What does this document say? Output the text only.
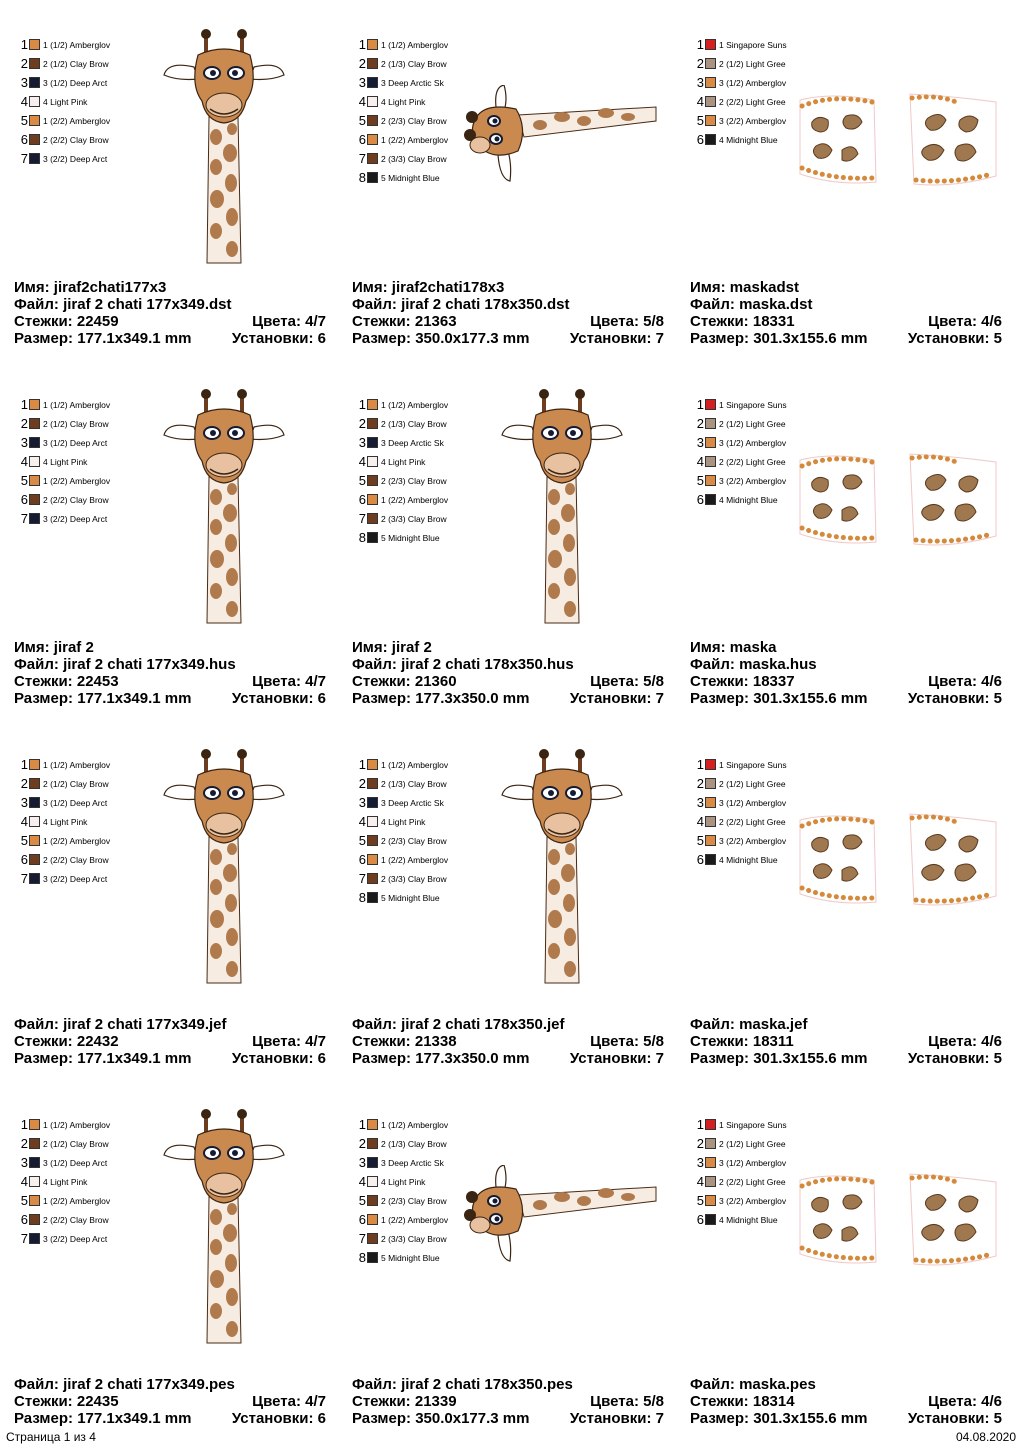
1 1 (1/2) Amberglov
2 2 (1/2) Clay Brow
3 3 (1/2) Deep Arct
4 4 Light Pink
5 1 (2/2) Amberglov
6 2 (2/2) Clay Brow
7 3 (2/2) Deep Arct
Имя: jiraf2chati177x3
Файл: jiraf 2 chati 177x349.dst
Стежки: 22459	Цвета: 4/7
Размер: 177.1x349.1 mm	Установки: 6
1 1 (1/2) Amberglov
2 2 (1/3) Clay Brow
3 3 Deep Arctic Sk
4 4 Light Pink
5 2 (2/3) Clay Brow
6 1 (2/2) Amberglov
7 2 (3/3) Clay Brow
8 5 Midnight Blue
Имя: jiraf2chati178x3
Файл: jiraf 2 chati 178x350.dst
Стежки: 21363	Цвета: 5/8
Размер: 350.0x177.3 mm	Установки: 7
1 1 Singapore Suns
2 2 (1/2) Light Gree
3 3 (1/2) Amberglov
4 2 (2/2) Light Gree
5 3 (2/2) Amberglov
6 4 Midnight Blue
Имя: maskadst
Файл: maska.dst
Стежки: 18331	Цвета: 4/6
Размер: 301.3x155.6 mm	Установки: 5
1 1 (1/2) Amberglov
2 2 (1/2) Clay Brow
3 3 (1/2) Deep Arct
4 4 Light Pink
5 1 (2/2) Amberglov
6 2 (2/2) Clay Brow
7 3 (2/2) Deep Arct
Имя: jiraf 2
Файл: jiraf 2 chati 177x349.hus
Стежки: 22453	Цвета: 4/7
Размер: 177.1x349.1 mm	Установки: 6
1 1 (1/2) Amberglov
2 2 (1/3) Clay Brow
3 3 Deep Arctic Sk
4 4 Light Pink
5 2 (2/3) Clay Brow
6 1 (2/2) Amberglov
7 2 (3/3) Clay Brow
8 5 Midnight Blue
Имя: jiraf 2
Файл: jiraf 2 chati 178x350.hus
Стежки: 21360	Цвета: 5/8
Размер: 177.3x350.0 mm	Установки: 7
1 1 Singapore Suns
2 2 (1/2) Light Gree
3 3 (1/2) Amberglov
4 2 (2/2) Light Gree
5 3 (2/2) Amberglov
6 4 Midnight Blue
Имя: maska
Файл: maska.hus
Стежки: 18337	Цвета: 4/6
Размер: 301.3x155.6 mm	Установки: 5
1 1 (1/2) Amberglov
2 2 (1/2) Clay Brow
3 3 (1/2) Deep Arct
4 4 Light Pink
5 1 (2/2) Amberglov
6 2 (2/2) Clay Brow
7 3 (2/2) Deep Arct
Файл: jiraf 2 chati 177x349.jef
Стежки: 22432	Цвета: 4/7
Размер: 177.1x349.1 mm	Установки: 6
1 1 (1/2) Amberglov
2 2 (1/3) Clay Brow
3 3 Deep Arctic Sk
4 4 Light Pink
5 2 (2/3) Clay Brow
6 1 (2/2) Amberglov
7 2 (3/3) Clay Brow
8 5 Midnight Blue
Файл: jiraf 2 chati 178x350.jef
Стежки: 21338	Цвета: 5/8
Размер: 177.3x350.0 mm	Установки: 7
1 1 Singapore Suns
2 2 (1/2) Light Gree
3 3 (1/2) Amberglov
4 2 (2/2) Light Gree
5 3 (2/2) Amberglov
6 4 Midnight Blue
Файл: maska.jef
Стежки: 18311	Цвета: 4/6
Размер: 301.3x155.6 mm	Установки: 5
1 1 (1/2) Amberglov
2 2 (1/2) Clay Brow
3 3 (1/2) Deep Arct
4 4 Light Pink
5 1 (2/2) Amberglov
6 2 (2/2) Clay Brow
7 3 (2/2) Deep Arct
Файл: jiraf 2 chati 177x349.pes
Стежки: 22435	Цвета: 4/7
Размер: 177.1x349.1 mm	Установки: 6
1 1 (1/2) Amberglov
2 2 (1/3) Clay Brow
3 3 Deep Arctic Sk
4 4 Light Pink
5 2 (2/3) Clay Brow
6 1 (2/2) Amberglov
7 2 (3/3) Clay Brow
8 5 Midnight Blue
Файл: jiraf 2 chati 178x350.pes
Стежки: 21339	Цвета: 5/8
Размер: 350.0x177.3 mm	Установки: 7
1 1 Singapore Suns
2 2 (1/2) Light Gree
3 3 (1/2) Amberglov
4 2 (2/2) Light Gree
5 3 (2/2) Amberglov
6 4 Midnight Blue
Файл: maska.pes
Стежки: 18314	Цвета: 4/6
Размер: 301.3x155.6 mm	Установки: 5
Страница 1 из 4	04.08.2020
